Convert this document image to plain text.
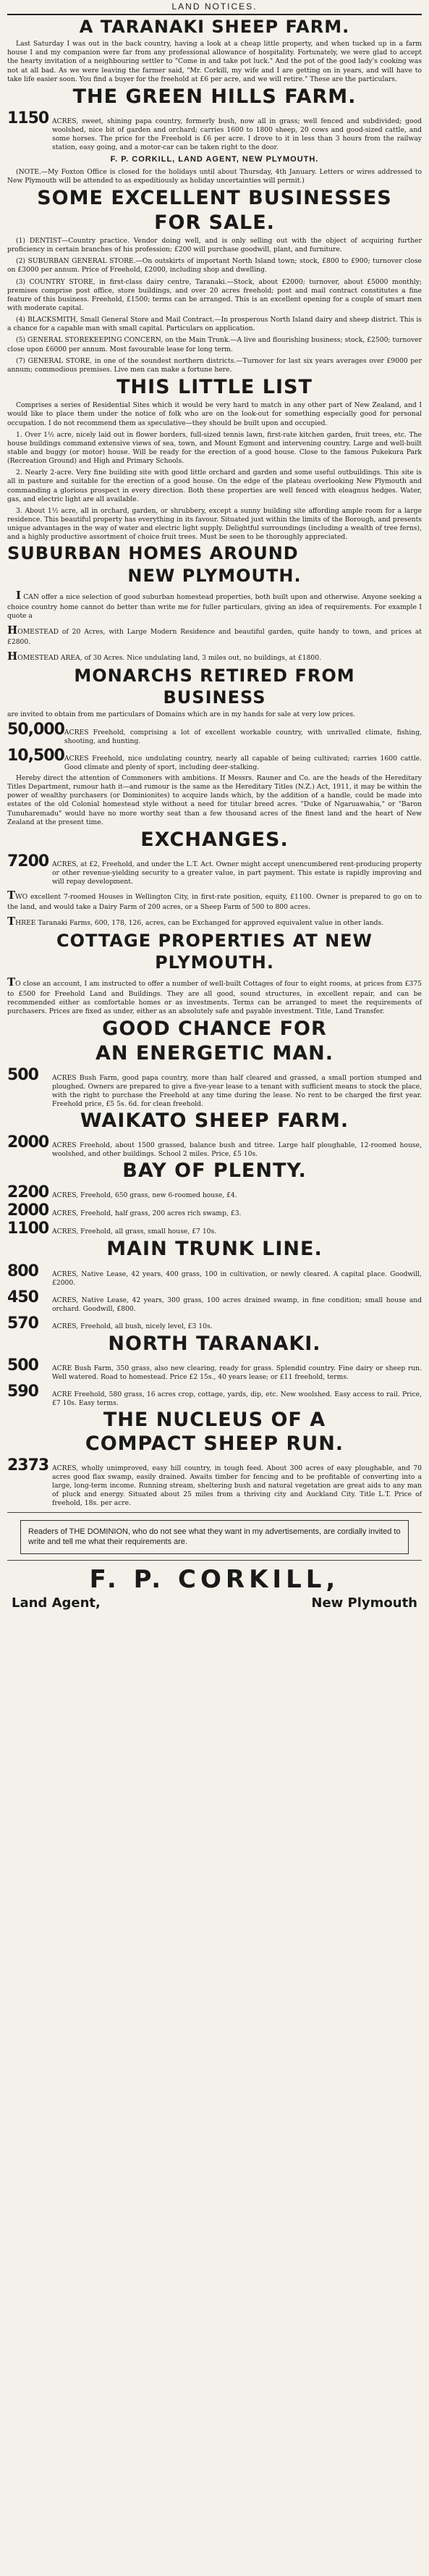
LAND NOTICES.
A TARANAKI SHEEP FARM.

Last Saturday I was out in the back country, having a look at a cheap little property, and when tucked up in a farm house I and my companion were far from any professional allowance of hospitality. Fortunately, we were glad to accept the hearty invitation of a neighbouring settler to "Come in and take pot luck." And the pot of the good lady's cooking was not at all bad. As we were leaving the farmer said, "Mr. Corkill, my wife and I are getting on in years, and will have to take life easier soon. You find a buyer for the freehold at £6 per acre, and we will retire." These are the particulars.

THE GREEN HILLS FARM.
1150 ACRES, sweet, shining papa country, formerly bush, now all in grass; well fenced and subdivided; good woolshed, nice bit of garden and orchard; carries 1600 to 1800 sheep, 20 cows and good-sized cattle, and some horses. The price for the Freehold is £6 per acre. I drove to it in less than 3 hours from the railway station, easy going, and a motor-car can be taken right to the door.
F. P. CORKILL, LAND AGENT, NEW PLYMOUTH.

(NOTE.—My Foxton Office is closed for the holidays until about Thursday, 4th January. Letters or wires addressed to New Plymouth will be attended to as expeditiously as holiday uncertainties will permit.)

SOME EXCELLENT BUSINESSES
FOR SALE.

(1) DENTIST—Country practice. Vendor doing well, and is only selling out with the object of acquiring further proficiency in certain branches of his profession; £200 will purchase goodwill, plant, and furniture.

(2) SUBURBAN GENERAL STORE.—On outskirts of important North Island town; stock, £800 to £900; turnover close on £3000 per annum. Price of Freehold, £2000, including shop and dwelling.

(3) COUNTRY STORE, in first-class dairy centre, Taranaki.—Stock, about £2000; turnover, about £5000 monthly; premises comprise post office, store buildings, and over 20 acres freehold; post and mail contract constitutes a fine feature of this business. Freehold, £1500; terms can be arranged. This is an excellent opening for a couple of smart men with moderate capital.

(4) BLACKSMITH, Small General Store and Mail Contract.—In prosperous North Island dairy and sheep district. This is a chance for a capable man with small capital. Particulars on application.

(5) GENERAL STOREKEEPING CONCERN, on the Main Trunk.—A live and flourishing business; stock, £2500; turnover close upon £6000 per annum. Most favourable lease for long term.

(7) GENERAL STORE, in one of the soundest northern districts.—Turnover for last six years averages over £9000 per annum; commodious premises. Live men can make a fortune here.

THIS LITTLE LIST

Comprises a series of Residential Sites which it would be very hard to match in any other part of New Zealand, and I would like to place them under the notice of folk who are on the look-out for something especially good for personal occupation. I do not recommend them as speculative—they should be built upon and occupied.

1. Over 1½ acre, nicely laid out in flower borders, full-sized tennis lawn, first-rate kitchen garden, fruit trees, etc. The house buildings command extensive views of sea, town, and Mount Egmont and intervening country. Large and well-built stable and buggy (or motor) house. Will be ready for the erection of a good house. Close to the famous Pukekura Park (Recreation Ground) and High and Primary Schools.

2. Nearly 2-acre. Very fine building site with good little orchard and garden and some useful outbuildings. This site is all in pasture and suitable for the erection of a good house. On the edge of the plateau overlooking New Plymouth and commanding a glorious prospect in every direction. Both these properties are well fenced with eleagnus hedges. Water, gas, and electric light are all available.

3. About 1½ acre, all in orchard, garden, or shrubbery, except a sunny building site affording ample room for a large residence. This beautiful property has everything in its favour. Situated just within the limits of the Borough, and presents unique advantages in the way of water and electric light supply. Delightful surroundings (including a wealth of tree ferns), and a highly productive assortment of choice fruit trees. Must be seen to be thoroughly appreciated.

SUBURBAN HOMES AROUND
NEW PLYMOUTH.

I CAN offer a nice selection of good suburban homestead properties, both built upon and otherwise. Anyone seeking a choice country home cannot do better than write me for fuller particulars, giving an idea of requirements. For example I quote a

HOMESTEAD of 20 Acres, with Large Modern Residence and beautiful garden, quite handy to town, and prices at £2800.

HOMESTEAD AREA, of 30 Acres. Nice undulating land, 3 miles out, no buildings, at £1800.

MONARCHS RETIRED FROM
BUSINESS

are invited to obtain from me particulars of Domains which are in my hands for sale at very low prices.

50,000 ACRES Freehold, comprising a lot of excellent workable country, with unrivalled climate, fishing, shooting, and hunting.
10,500 ACRES Freehold, nice undulating country, nearly all capable of being cultivated; carries 1600 cattle. Good climate and plenty of sport, including deer-stalking.

Hereby direct the attention of Commoners with ambitions. If Messrs. Rauner and Co. are the heads of the Hereditary Titles Department, rumour hath it—and rumour is the same as the Hereditary Titles (N.Z.) Act, 1911, it may be within the power of wealthy purchasers (or Dominionites) to acquire lands which, by the addition of a handle, could be made into estates of the old Colonial homestead style without a need for titular breed acres. "Duke of Ngaruawahia," or "Baron Tunuharemadu" would have no more worthy seat than a few thousand acres of the finest land and the heart of New Zealand at the present time.

EXCHANGES.
7200 ACRES, at £2, Freehold, and under the L.T. Act. Owner might accept unencumbered rent-producing property or other revenue-yielding security to a greater value, in part payment. This estate is rapidly improving and will repay development.

TWO excellent 7-roomed Houses in Wellington City, in first-rate position, equity, £1100. Owner is prepared to go on to the land, and would take a Dairy Farm of 200 acres, or a Sheep Farm of 500 to 800 acres.

THREE Taranaki Farms, 600, 178, 126, acres, can be Exchanged for approved equivalent value in other lands.

COTTAGE PROPERTIES AT NEW
PLYMOUTH.

TO close an account, I am instructed to offer a number of well-built Cottages of four to eight rooms, at prices from £375 to £500 for Freehold Land and Buildings. They are all good, sound structures, in excellent repair, and can be recommended either as comfortable homes or as investments. Terms can be arranged to meet the requirements of purchasers. Prices are fixed as under, either as an absolutely safe and payable investment. Title, Land Transfer.

GOOD CHANCE FOR
AN ENERGETIC MAN.
500	ACRES Bush Farm, good papa country, more than half cleared and grassed, a small portion stumped and ploughed. Owners are prepared to give a five-year lease to a tenant with sufficient means to stock the place, with the right to purchase the Freehold at any time during the lease. No rent to be charged the first year. Freehold price, £5 5s. 6d. for clean freehold.
WAIKATO SHEEP FARM.
2000 ACRES Freehold, about 1500 grassed, balance bush and titree. Large half ploughable, 12-roomed house, woolshed, and other buildings. School 2 miles. Price, £5 10s.
BAY OF PLENTY.
2200 ACRES, Freehold, 650 grass, new 6-roomed house, £4.
2000 ACRES, Freehold, half grass, 200 acres rich swamp, £3.
1100 ACRES, Freehold, all grass, small house, £7 10s.
MAIN TRUNK LINE.
800	ACRES, Native Lease, 42 years, 400 grass, 100 in cultivation, or newly cleared. A capital place. Goodwill, £2000.
450	ACRES, Native Lease, 42 years, 300 grass, 100 acres drained swamp, in fine condition; small house and orchard. Goodwill, £800.
570	ACRES, Freehold, all bush, nicely level, £3 10s.
NORTH TARANAKI.
500	ACRE Bush Farm, 350 grass, also new clearing, ready for grass. Splendid country. Fine dairy or sheep run. Well watered. Road to homestead. Price £2 15s., 40 years lease; or £11 freehold, terms.
590	ACRE Freehold, 580 grass, 16 acres crop, cottage, yards, dip, etc. New woolshed. Easy access to rail. Price, £7 10s. Easy terms.
THE NUCLEUS OF A
COMPACT SHEEP RUN.
2373 ACRES, wholly unimproved, easy hill country, in tough feed. About 300 acres of easy ploughable, and 70 acres good flax swamp, easily drained. Awaits timber for fencing and to be profitable of converting into a large, long-term income. Running stream, sheltering bush and natural vegetation are great aids to any man of pluck and energy. Situated about 25 miles from a thriving city and Auckland City. Title L.T. Price of freehold, 18s. per acre.
Readers of THE DOMINION, who do not see what they want in my advertisements, are cordially invited to write and tell me what their requirements are.
F. P. CORKILL,
Land Agent,	New Plymouth
